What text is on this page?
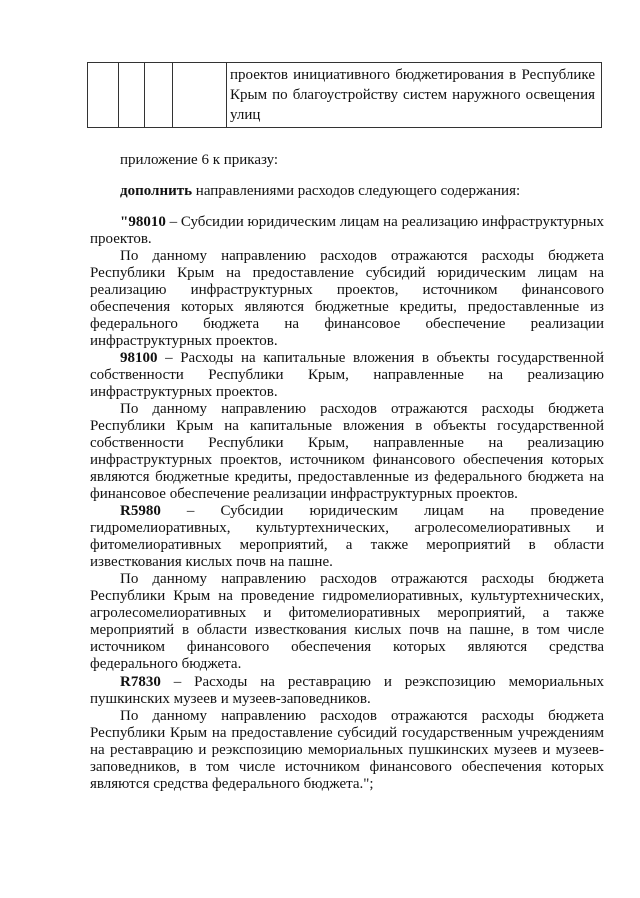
проектов инициативного бюджетирования в Республике
Крым по благоустройству систем наружного освещения
улиц
приложение 6 к приказу:
дополнить направлениями расходов следующего содержания:
"98010 – Субсидии юридическим лицам на реализацию инфраструктурных
проектов.
По данному направлению расходов отражаются расходы бюджета
Республики Крым на предоставление субсидий юридическим лицам на
реализацию инфраструктурных проектов, источником финансового
обеспечения которых являются бюджетные кредиты, предоставленные из
федерального бюджета на финансовое обеспечение реализации
инфраструктурных проектов.
98100 – Расходы на капитальные вложения в объекты государственной
собственности Республики Крым, направленные на реализацию
инфраструктурных проектов.
По данному направлению расходов отражаются расходы бюджета
Республики Крым на капитальные вложения в объекты государственной
собственности Республики Крым, направленные на реализацию
инфраструктурных проектов, источником финансового обеспечения которых
являются бюджетные кредиты, предоставленные из федерального бюджета на
финансовое обеспечение реализации инфраструктурных проектов.
R5980 – Субсидии юридическим лицам на проведение
гидромелиоративных, культуртехнических, агролесомелиоративных и
фитомелиоративных мероприятий, а также мероприятий в области
известкования кислых почв на пашне.
По данному направлению расходов отражаются расходы бюджета
Республики Крым на проведение гидромелиоративных, культуртехнических,
агролесомелиоративных и фитомелиоративных мероприятий, а также
мероприятий в области известкования кислых почв на пашне, в том числе
источником финансового обеспечения которых являются средства
федерального бюджета.
R7830 – Расходы на реставрацию и реэкспозицию мемориальных
пушкинских музеев и музеев-заповедников.
По данному направлению расходов отражаются расходы бюджета
Республики Крым на предоставление субсидий государственным учреждениям
на реставрацию и реэкспозицию мемориальных пушкинских музеев и музеев-
заповедников, в том числе источником финансового обеспечения которых
являются средства федерального бюджета.";
